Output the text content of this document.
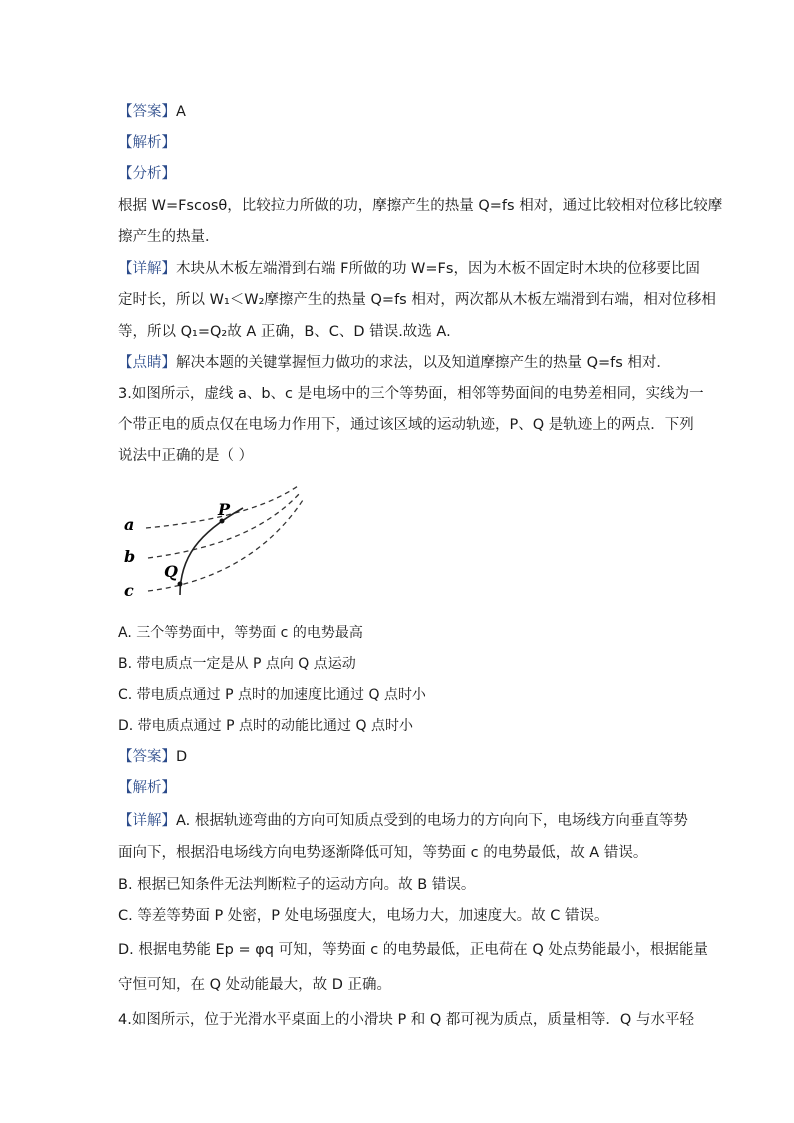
【答案】A
【解析】
【分析】
根据 W=Fscosθ，比较拉力所做的功，摩擦产生的热量 Q=fs 相对，通过比较相对位移比较摩
擦产生的热量．
【详解】木块从木板左端滑到右端 F所做的功 W=Fs，因为木板不固定时木块的位移要比固
定时长，所以 W₁＜W₂摩擦产生的热量 Q=fs 相对，两次都从木板左端滑到右端，相对位移相
等，所以 Q₁=Q₂故 A 正确，B、C、D 错误.故选 A.
【点睛】解决本题的关键掌握恒力做功的求法，以及知道摩擦产生的热量 Q=fs 相对．
3.如图所示，虚线 a、b、c 是电场中的三个等势面，相邻等势面间的电势差相同，实线为一
个带正电的质点仅在电场力作用下，通过该区域的运动轨迹，P、Q 是轨迹上的两点．下列
说法中正确的是（ ）
a
b
c
P
Q
A. 三个等势面中，等势面 c 的电势最高
B. 带电质点一定是从 P 点向 Q 点运动
C. 带电质点通过 P 点时的加速度比通过 Q 点时小
D. 带电质点通过 P 点时的动能比通过 Q 点时小
【答案】D
【解析】
【详解】A. 根据轨迹弯曲的方向可知质点受到的电场力的方向向下，电场线方向垂直等势
面向下，根据沿电场线方向电势逐渐降低可知，等势面 c 的电势最低，故 A 错误。
B. 根据已知条件无法判断粒子的运动方向。故 B 错误。
C. 等差等势面 P 处密，P 处电场强度大，电场力大，加速度大。故 C 错误。
D. 根据电势能 Ep = φq 可知，等势面 c 的电势最低，正电荷在 Q 处点势能最小，根据能量
守恒可知，在 Q 处动能最大，故 D 正确。
4.如图所示，位于光滑水平桌面上的小滑块 P 和 Q 都可视为质点，质量相等．Q 与水平轻
